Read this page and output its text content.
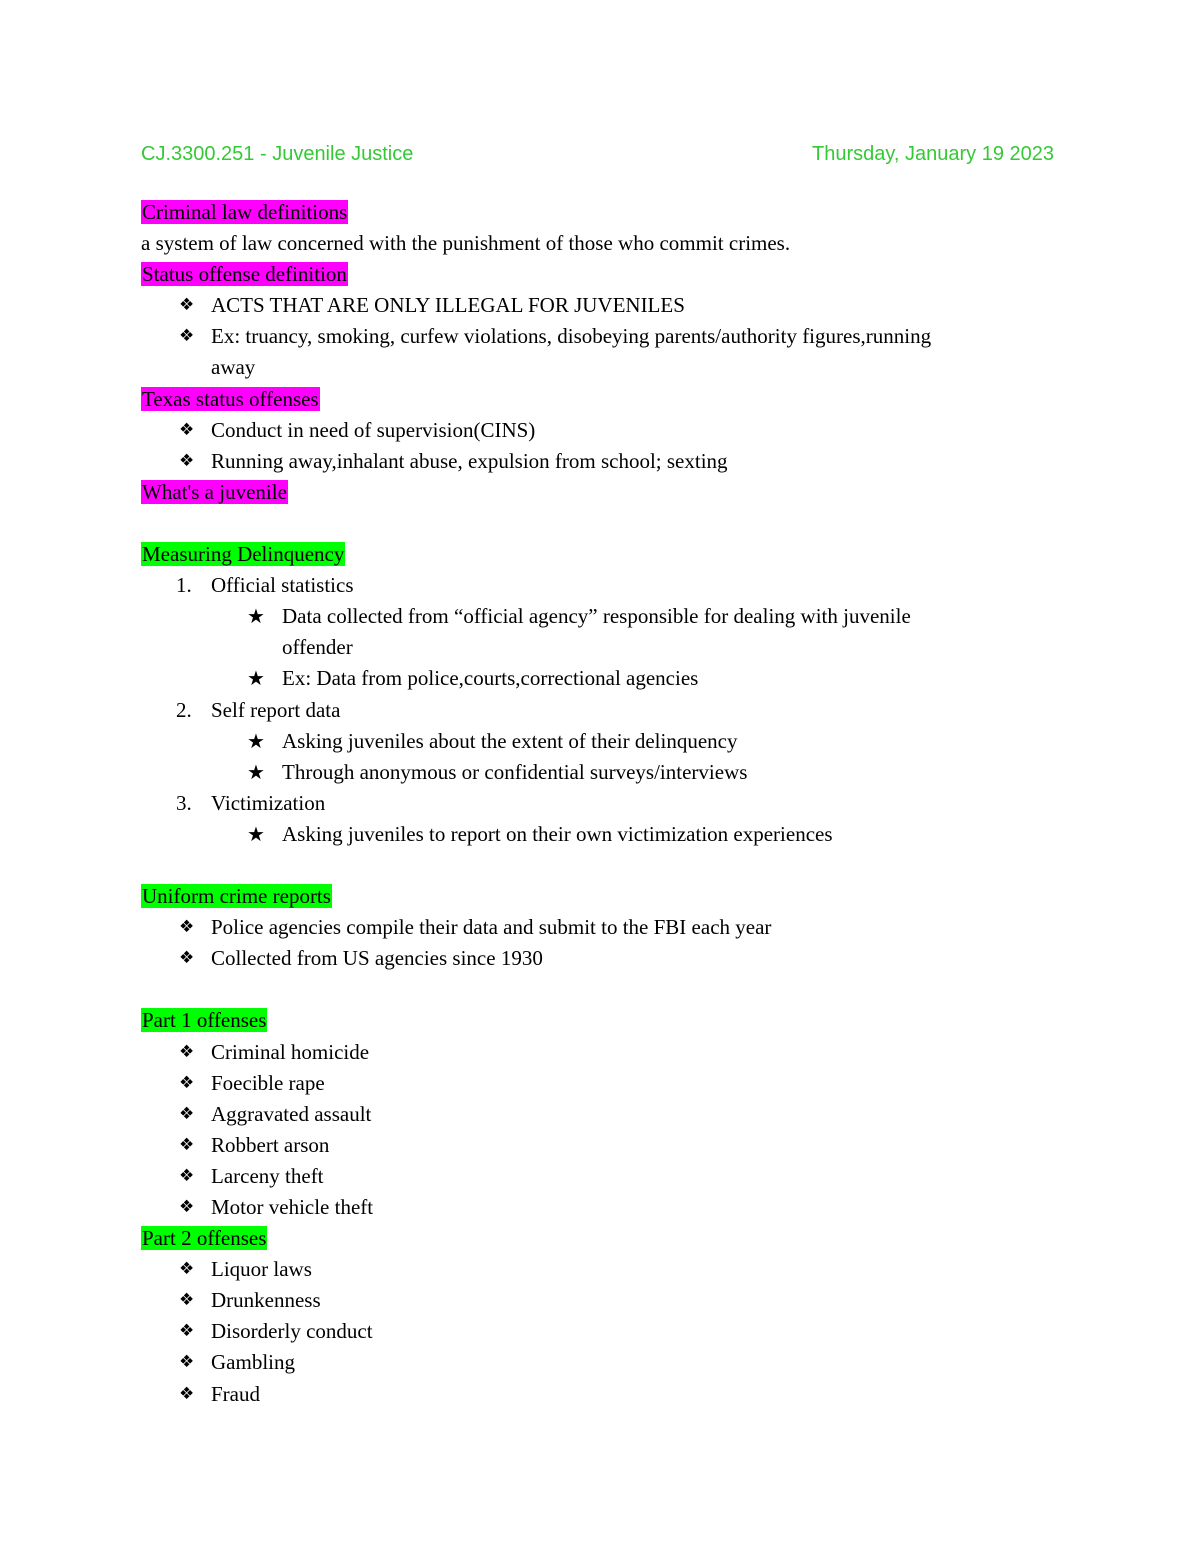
CJ.3300.251 - Juvenile Justice	Thursday, January 19 2023

Criminal law definitions

a system of law concerned with the punishment of those who commit crimes.

Status offense definition

❖ ACTS THAT ARE ONLY ILLEGAL FOR JUVENILES

❖ Ex: truancy, smoking, curfew violations, disobeying parents/authority figures,running

away

Texas status offenses

❖ Conduct in need of supervision(CINS)

❖ Running away,inhalant abuse, expulsion from school; sexting

What's a juvenile

Measuring Delinquency

1. Official statistics

★ Data collected from “official agency” responsible for dealing with juvenile

offender

★ Ex: Data from police,courts,correctional agencies

2. Self report data

★ Asking juveniles about the extent of their delinquency

★ Through anonymous or confidential surveys/interviews

3. Victimization

★ Asking juveniles to report on their own victimization experiences

Uniform crime reports

❖ Police agencies compile their data and submit to the FBI each year

❖ Collected from US agencies since 1930

Part 1 offenses

❖ Criminal homicide

❖ Foecible rape

❖ Aggravated assault

❖ Robbert arson

❖ Larceny theft

❖ Motor vehicle theft

Part 2 offenses

❖ Liquor laws

❖ Drunkenness

❖ Disorderly conduct

❖ Gambling

❖ Fraud
